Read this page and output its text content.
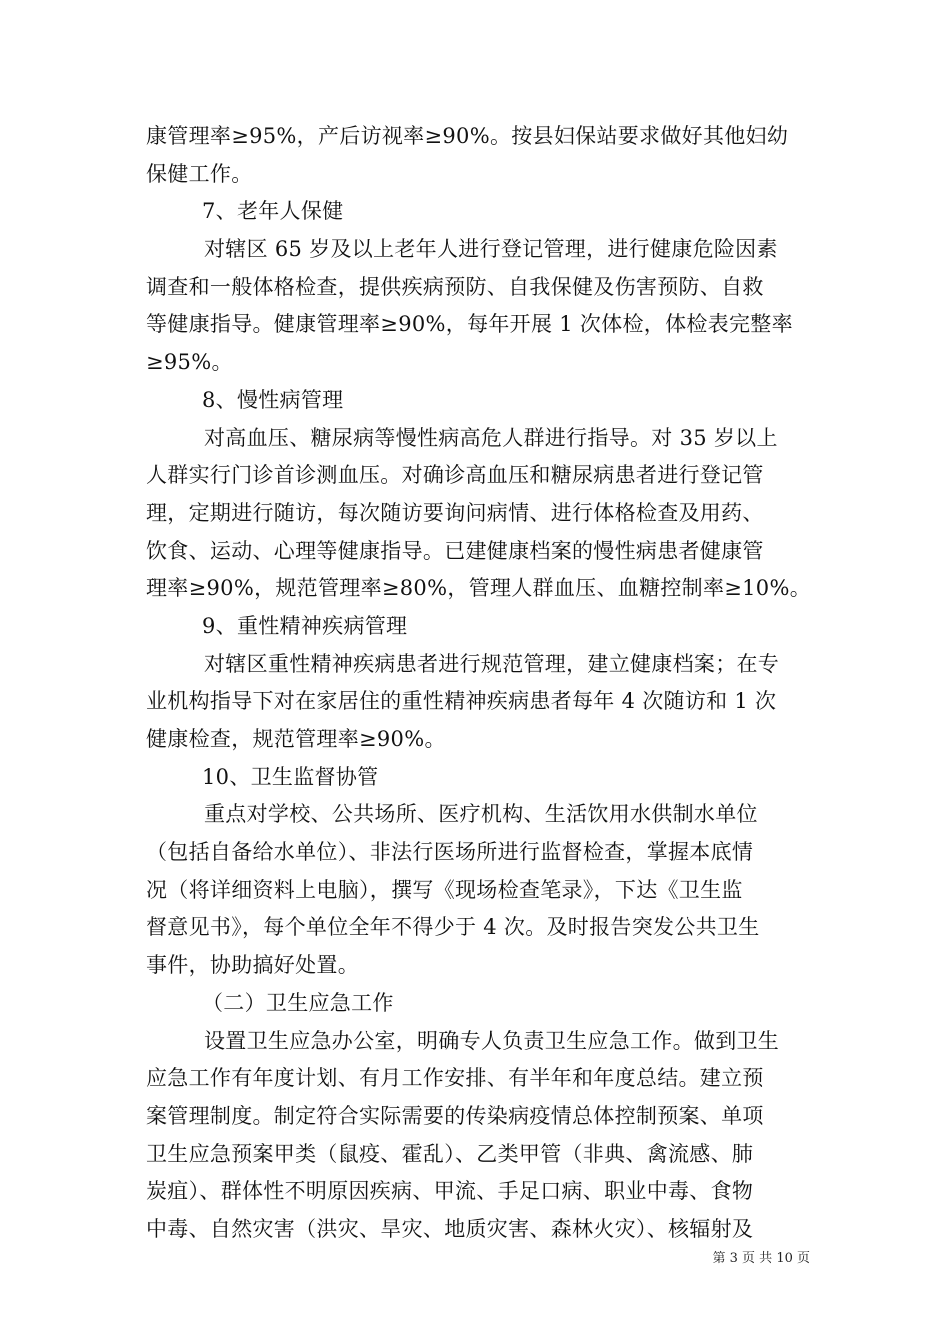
康管理率≥95%，产后访视率≥90%。按县妇保站要求做好其他妇幼
保健工作。
7、老年人保健
对辖区 65 岁及以上老年人进行登记管理，进行健康危险因素
调查和一般体格检查，提供疾病预防、自我保健及伤害预防、自救
等健康指导。健康管理率≥90%，每年开展 1 次体检，体检表完整率
≥95%。
8、慢性病管理
对高血压、糖尿病等慢性病高危人群进行指导。对 35 岁以上
人群实行门诊首诊测血压。对确诊高血压和糖尿病患者进行登记管
理，定期进行随访，每次随访要询问病情、进行体格检查及用药、
饮食、运动、心理等健康指导。已建健康档案的慢性病患者健康管
理率≥90%，规范管理率≥80%，管理人群血压、血糖控制率≥10%。
9、重性精神疾病管理
对辖区重性精神疾病患者进行规范管理，建立健康档案；在专
业机构指导下对在家居住的重性精神疾病患者每年 4 次随访和 1 次
健康检查，规范管理率≥90%。
10、卫生监督协管
重点对学校、公共场所、医疗机构、生活饮用水供制水单位
（包括自备给水单位）、非法行医场所进行监督检查，掌握本底情
况（将详细资料上电脑），撰写《现场检查笔录》，下达《卫生监
督意见书》，每个单位全年不得少于 4 次。及时报告突发公共卫生
事件，协助搞好处置。
（二）卫生应急工作
设置卫生应急办公室，明确专人负责卫生应急工作。做到卫生
应急工作有年度计划、有月工作安排、有半年和年度总结。建立预
案管理制度。制定符合实际需要的传染病疫情总体控制预案、单项
卫生应急预案甲类（鼠疫、霍乱）、乙类甲管（非典、禽流感、肺
炭疽）、群体性不明原因疾病、甲流、手足口病、职业中毒、食物
中毒、自然灾害（洪灾、旱灾、地质灾害、森林火灾）、核辐射及
第 3 页 共 10 页
